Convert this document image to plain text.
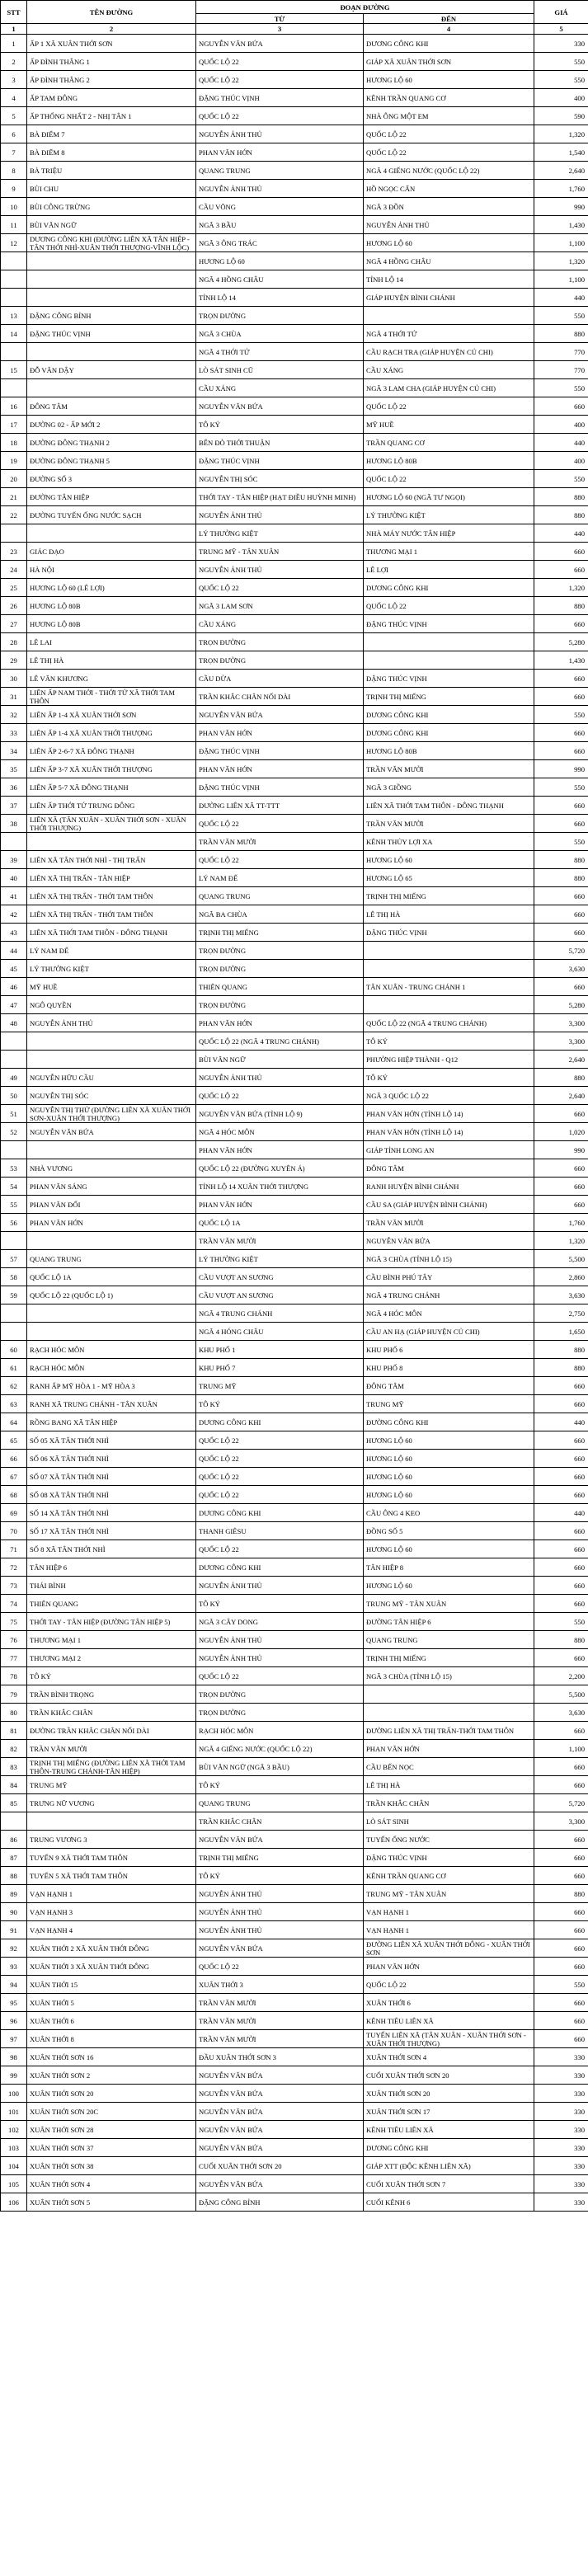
STT	TÊN ĐƯỜNG	ĐOẠN ĐƯỜNG		GIÁ
		TỪ	ĐẾN	
1	2	3	4	5
1	ẤP 1 XÃ XUÂN THỚI SƠN	NGUYỄN VĂN BỨA	DƯƠNG CÔNG KHI	330
2	ẤP ĐÌNH THẮNG 1	QUỐC LỘ 22	GIÁP XÃ XUÂN THỚI SƠN	550
3	ẤP ĐÌNH THẮNG 2	QUỐC LỘ 22	HƯƠNG LỘ 60	550
4	ẤP TAM ĐÔNG	ĐẶNG THÚC VỊNH	KÊNH TRẦN QUANG CƠ	400
5	ẤP THỐNG NHẤT 2 - NHỊ TÂN 1	QUỐC LỘ 22	NHÀ ÔNG MỘT EM	590
6	BÀ ĐIỂM 7	NGUYỄN ẢNH THỦ	QUỐC LỘ 22	1,320
7	BÀ ĐIỂM 8	PHAN VĂN HỚN	QUỐC LỘ 22	1,540
8	BÀ TRIỆU	QUANG TRUNG	NGÃ 4 GIẾNG NƯỚC (QUỐC LỘ 22)	2,640
9	BÙI CHU	NGUYỄN ẢNH THỦ	HỒ NGỌC CẨN	1,760
10	BÙI CÔNG TRỪNG	CẦU VÕNG	NGÃ 3 ĐỒN	990
11	BÙI VĂN NGỮ	NGÃ 3 BẦU	NGUYỄN ẢNH THỦ	1,430
12	DƯƠNG CÔNG KHI (ĐƯỜNG LIÊN XÃ TÂN HIỆP -TÂN THỚI NHÌ-XUÂN THỚI THƯỢNG-VĨNH LỘC)	NGÃ 3 ÔNG TRÁC	HƯƠNG LỘ 60	1,100
		HƯƠNG LỘ 60	NGÃ 4 HỒNG CHÂU	1,320
		NGÃ 4 HỒNG CHÂU	TỈNH LỘ 14	1,100
		TỈNH LỘ 14	GIÁP HUYỆN BÌNH CHÁNH	440
13	ĐẶNG CÔNG BỈNH	TRỌN ĐƯỜNG		550
14	ĐẶNG THÚC VỊNH	NGÃ 3 CHÙA	NGÃ 4 THỚI TỨ	880
		NGÃ 4 THỚI TỨ	CẦU RẠCH TRA (GIÁP HUYỆN CỦ CHI)	770
15	ĐỖ VĂN DẬY	LÒ SÁT SINH CŨ	CẦU XÁNG	770
		CẦU XÁNG	NGÃ 3 LAM CHA (GIÁP HUYỆN CỦ CHI)	550
16	ĐÔNG TÂM	NGUYỄN VĂN BỨA	QUỐC LỘ 22	660
17	ĐƯỜNG 02 - ẤP MỚI 2	TÔ KÝ	MỸ HUỀ	400
18	ĐƯỜNG ĐÔNG THẠNH 2	BẾN ĐÒ THỚI THUẬN	TRẦN QUANG CƠ	440
19	ĐƯỜNG ĐÔNG THẠNH 5	ĐẶNG THÚC VỊNH	HƯƠNG LỘ 80B	400
20	ĐƯỜNG SỐ 3	NGUYỄN THỊ SÓC	QUỐC LỘ 22	550
21	ĐƯỜNG TÂN HIỆP	THỚI TAY - TÂN HIỆP (HẠT ĐIỀU HUỲNH MINH)	HƯƠNG LỘ 60 (NGÃ TƯ NGỌI)	880
22	ĐƯỜNG TUYẾN ỐNG NƯỚC SẠCH	NGUYỄN ẢNH THỦ	LÝ THƯỜNG KIỆT	880
		LÝ THƯỜNG KIỆT	NHÀ MÁY NƯỚC TÂN HIỆP	440
23	GIÁC ĐẠO	TRUNG MỸ - TÂN XUÂN	THƯƠNG MẠI 1	660
24	HÀ NỘI	NGUYỄN ẢNH THỦ	LÊ LỢI	660
25	HƯƠNG LỘ 60 (LÊ LỢI)	QUỐC LỘ 22	DƯƠNG CÔNG KHI	1,320
26	HƯƠNG LỘ 80B	NGÃ 3 LAM SƠN	QUỐC LỘ 22	880
27	HƯƠNG LỘ 80B	CẦU XÁNG	ĐẶNG THÚC VỊNH	660
28	LÊ LAI	TRỌN ĐƯỜNG		5,280
29	LÊ THỊ HÀ	TRỌN ĐƯỜNG		1,430
30	LÊ VĂN KHƯƠNG	CẦU DỪA	ĐẶNG THÚC VỊNH	660
31	LIÊN ẤP NAM THỚI - THỚI TỨ XÃ THỚI TAM THÔN	TRẦN KHẮC CHÂN NỐI DÀI	TRỊNH THỊ MIẾNG	660
32	LIÊN ẤP 1-4 XÃ XUÂN THỚI SƠN	NGUYỄN VĂN BỨA	DƯƠNG CÔNG KHI	550
33	LIÊN ẤP 1-4 XÃ XUÂN THỚI THƯỢNG	PHAN VĂN HỚN	DƯƠNG CÔNG KHI	660
34	LIÊN ẤP 2-6-7 XÃ ĐÔNG THẠNH	ĐẶNG THÚC VỊNH	HƯƠNG LỘ 80B	660
35	LIÊN ẤP 3-7 XÃ XUÂN THỚI THƯỢNG	PHAN VĂN HỚN	TRẦN VĂN MƯỜI	990
36	LIÊN ẤP 5-7 XÃ ĐÔNG THẠNH	ĐẶNG THÚC VỊNH	NGÃ 3 GIỒNG	550
37	LIÊN ẤP THỚI TỨ TRUNG ĐÔNG	ĐƯỜNG LIÊN XÃ TT-TTT	LIÊN XÃ THỚI TAM THÔN - ĐÔNG THẠNH	660
38	LIÊN XÃ (TÂN XUÂN - XUÂN THỚI SƠN - XUÂN THỚI THƯỢNG)	QUỐC LỘ 22	TRẦN VĂN MƯỜI	660
		TRẦN VĂN MƯỜI	KÊNH THỦY LỢI XA	550
39	LIÊN XÃ TÂN THỚI NHÌ - THỊ TRẤN	QUỐC LỘ 22	HƯƠNG LỘ 60	880
40	LIÊN XÃ THỊ TRẤN - TÂN HIỆP	LÝ NAM ĐẾ	HƯƠNG LỘ 65	880
41	LIÊN XÃ THỊ TRẤN - THỚI TAM THÔN	QUANG TRUNG	TRỊNH THỊ MIẾNG	660
42	LIÊN XÃ THỊ TRẤN - THỚI TAM THÔN	NGÃ BA CHÙA	LÊ THỊ HÀ	660
43	LIÊN XÃ THỚI TAM THÔN - ĐÔNG THẠNH	TRỊNH THỊ MIẾNG	ĐẶNG THÚC VỊNH	660
44	LÝ NAM ĐẾ	TRỌN ĐƯỜNG		5,720
45	LÝ THƯỜNG KIỆT	TRỌN ĐƯỜNG		3,630
46	MỸ HUỀ	THIÊN QUANG	TÂN XUÂN - TRUNG CHÁNH 1	660
47	NGÔ QUYỀN	TRỌN ĐƯỜNG		5,280
48	NGUYỄN ẢNH THỦ	PHAN VĂN HỚN	QUỐC LỘ 22 (NGÃ 4 TRUNG CHÁNH)	3,300
		QUỐC LỘ 22 (NGÃ 4 TRUNG CHÁNH)	TÔ KÝ	3,300
		BÙI VĂN NGỮ	PHƯỜNG HIỆP THÀNH - Q12	2,640
49	NGUYỄN HỮU CẦU	NGUYỄN ẢNH THỦ	TÔ KÝ	880
50	NGUYỄN THỊ SÓC	QUỐC LỘ 22	NGÃ 3 QUỐC LỘ 22	2,640
51	NGUYỄN THỊ THỬ (ĐƯỜNG LIÊN XÃ XUÂN THỚI SƠN-XUÂN THỚI THƯỢNG)	NGUYỄN VĂN BỨA (TỈNH LỘ 9)	PHAN VĂN HỚN (TỈNH LỘ 14)	660
52	NGUYỄN VĂN BỨA	NGÃ 4 HÓC MÔN	PHAN VĂN HỚN (TỈNH LỘ 14)	1,020
		PHAN VĂN HỚN	GIÁP TỈNH LONG AN	990
53	NHÀ VƯƠNG	QUỐC LỘ 22 (ĐƯỜNG XUYÊN Á)	ĐÔNG TÂM	660
54	PHAN VĂN SÁNG	TỈNH LỘ 14 XUÂN THỚI THƯỢNG	RANH HUYỆN BÌNH CHÁNH	660
55	PHAN VĂN ĐỐI	PHAN VĂN HỚN	CẦU SA (GIÁP HUYỆN BÌNH CHÁNH)	660
56	PHAN VĂN HỚN	QUỐC LỘ 1A	TRẦN VĂN MƯỜI	1,760
		TRẦN VĂN MƯỜI	NGUYỄN VĂN BỨA	1,320
57	QUANG TRUNG	LÝ THƯỜNG KIỆT	NGÃ 3 CHÙA (TỈNH LỘ 15)	5,500
58	QUỐC LỘ 1A	CẦU VƯỢT AN SƯƠNG	CẦU BÌNH PHÚ TÂY	2,860
59	QUỐC LỘ 22 (QUỐC LỘ 1)	CẦU VƯỢT AN SƯƠNG	NGÃ 4 TRUNG CHÁNH	3,630
		NGÃ 4 TRUNG CHÁNH	NGÃ 4 HÓC MÔN	2,750
		NGÃ 4 HÓNG CHÂU	CẦU AN HẠ (GIÁP HUYỆN CỦ CHI)	1,650
60	RẠCH HÓC MÔN	KHU PHỐ 1	KHU PHỐ 6	880
61	RẠCH HÓC MÔN	KHU PHỐ 7	KHU PHỐ 8	880
62	RANH ẤP MỸ HÒA 1 - MỸ HÒA 3	TRUNG MỸ	ĐÔNG TÂM	660
63	RANH XÃ TRUNG CHÁNH - TÂN XUÂN	TÔ KÝ	TRUNG MỸ	660
64	RỒNG BANG XÃ TÂN HIỆP	DƯƠNG CÔNG KHI	ĐƯỜNG CÔNG KHI	440
65	SỐ 05 XÃ TÂN THỚI NHÌ	QUỐC LỘ 22	HƯƠNG LỘ 60	660
66	SỐ 06 XÃ TÂN THỚI NHÌ	QUỐC LỘ 22	HƯƠNG LỘ 60	660
67	SỐ 07 XÃ TÂN THỚI NHÌ	QUỐC LỘ 22	HƯƠNG LỘ 60	660
68	SỐ 08 XÃ TÂN THỚI NHÌ	QUỐC LỘ 22	HƯƠNG LỘ 60	660
69	SỐ 14 XÃ TÂN THỚI NHÌ	DƯƠNG CÔNG KHI	CẦU ÔNG 4 KEO	440
70	SỐ 17 XÃ TÂN THỚI NHÌ	THANH GIÊSU	ĐỒNG SỐ 5	660
71	SỐ 8 XÃ TÂN THỚI NHÌ	QUỐC LỘ 22	HƯƠNG LỘ 60	660
72	TÂN HIỆP 6	DƯƠNG CÔNG KHI	TÂN HIỆP 8	660
73	THÁI BÌNH	NGUYỄN ẢNH THỦ	HƯƠNG LỘ 60	660
74	THIÊN QUANG	TÔ KÝ	TRUNG MỸ - TÂN XUÂN	660
75	THỚI TAY - TÂN HIỆP (ĐƯỜNG TÂN HIỆP 5)	NGÃ 3 CÂY DONG	ĐƯỜNG TÂN HIỆP 6	550
76	THƯƠNG MẠI 1	NGUYỄN ẢNH THỦ	QUANG TRUNG	880
77	THƯƠNG MẠI 2	NGUYỄN ẢNH THỦ	TRỊNH THỊ MIẾNG	660
78	TÔ KÝ	QUỐC LỘ 22	NGÃ 3 CHÙA (TỈNH LỘ 15)	2,200
79	TRẦN BÌNH TRỌNG	TRỌN ĐƯỜNG		5,500
80	TRẦN KHẮC CHÂN	TRỌN ĐƯỜNG		3,630
81	ĐƯỜNG TRẦN KHẮC CHÂN NỐI DÀI	RẠCH HÓC MÔN	ĐƯỜNG LIÊN XÃ THỊ TRẤN-THỚI TAM THÔN	660
82	TRẦN VĂN MƯỜI	NGÃ 4 GIẾNG NƯỚC (QUỐC LỘ 22)	PHAN VĂN HỚN	1,100
83	TRỊNH THỊ MIẾNG (ĐƯỜNG LIÊN XÃ THỚI TAM THÔN-TRUNG CHÁNH-TÂN HIỆP)	BÙI VĂN NGỮ (NGÃ 3 BẦU)	CẦU BẾN NỌC	660
84	TRUNG MỸ	TÔ KÝ	LÊ THỊ HÀ	660
85	TRƯNG NỮ VƯƠNG	QUANG TRUNG	TRẦN KHẮC CHÂN	5,720
		TRẦN KHẮC CHÂN	LÒ SÁT SINH	3,300
86	TRUNG VƯƠNG 3	NGUYỄN VĂN BỨA	TUYẾN ỐNG NƯỚC	660
87	TUYẾN 9 XÃ THỚI TAM THÔN	TRỊNH THỊ MIẾNG	ĐẶNG THÚC VỊNH	660
88	TUYẾN 5 XÃ THỚI TAM THÔN	TÔ KÝ	KÊNH TRẦN QUANG CƠ	660
89	VẠN HẠNH 1	NGUYỄN ẢNH THỦ	TRUNG MỸ - TÂN XUÂN	880
90	VẠN HẠNH 3	NGUYỄN ẢNH THỦ	VẠN HẠNH 1	660
91	VẠN HẠNH 4	NGUYỄN ẢNH THỦ	VẠN HẠNH 1	660
92	XUÂN THỚI 2 XÃ XUÂN THỚI ĐÔNG	NGUYỄN VĂN BỨA	ĐƯỜNG LIÊN XÃ XUÂN THỚI ĐÔNG - XUÂN THỚI SƠN	660
93	XUÂN THỚI 3 XÃ XUÂN THỚI ĐÔNG	QUỐC LỘ 22	PHAN VĂN HỚN	660
94	XUÂN THỚI 15	XUÂN THỚI 3	QUỐC LỘ 22	550
95	XUÂN THỚI 5	TRẦN VĂN MƯỜI	XUÂN THỚI 6	660
96	XUÂN THỚI 6	TRẦN VĂN MƯỜI	KÊNH TIÊU LIÊN XÃ	660
97	XUÂN THỚI 8	TRẦN VĂN MƯỜI	TUYẾN LIÊN XÃ (TÂN XUÂN - XUÂN THỚI SƠN - XUÂN THỚI THƯỢNG)	660
98	XUÂN THỚI SƠN 16	ĐẦU XUÂN THỚI SƠN 3	XUÂN THỚI SƠN 4	330
99	XUÂN THỚI SƠN 2	NGUYỄN VĂN BỨA	CUỐI XUÂN THỚI SƠN 20	330
100	XUÂN THỚI SƠN 20	NGUYỄN VĂN BỨA	XUÂN THỚI SƠN 20	330
101	XUÂN THỚI SƠN 20C	NGUYỄN VĂN BỨA	XUÂN THỚI SƠN 17	330
102	XUÂN THỚI SƠN 28	NGUYỄN VĂN BỨA	KÊNH TIÊU LIÊN XÃ	330
103	XUÂN THỚI SƠN 37	NGUYỄN VĂN BỨA	DƯƠNG CÔNG KHI	330
104	XUÂN THỚI SƠN 38	CUỐI XUÂN THỚI SƠN 20	GIÁP XTT (ĐỘC KÊNH LIÊN XÃ)	330
105	XUÂN THỚI SƠN 4	NGUYỄN VĂN BỨA	CUỐI XUÂN THỚI SƠN 7	330
106	XUÂN THỚI SƠN 5	ĐẶNG CÔNG BỈNH	CUỐI KÊNH 6	330
